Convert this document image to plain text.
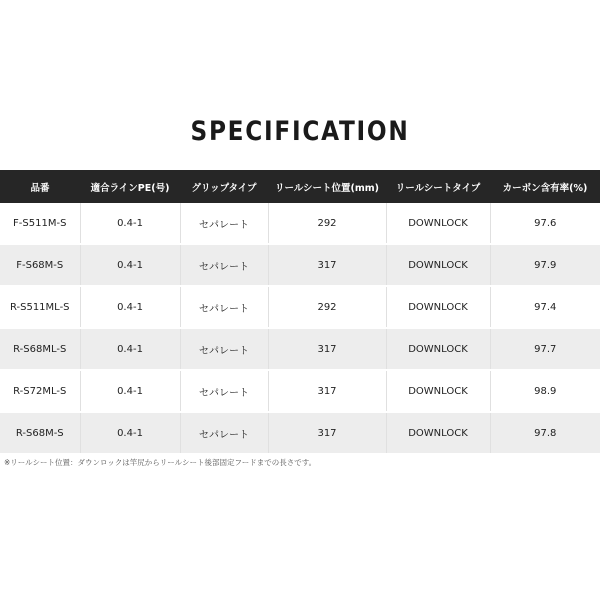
SPECIFICATION
品番	適合ラインPE(号)	グリップタイプ	リールシート位置(mm)	リールシートタイプ	カーボン含有率(%)
F-S511M-S	0.4-1	セパレート	292	DOWNLOCK	97.6
F-S68M-S	0.4-1	セパレート	317	DOWNLOCK	97.9
R-S511ML-S	0.4-1	セパレート	292	DOWNLOCK	97.4
R-S68ML-S	0.4-1	セパレート	317	DOWNLOCK	97.7
R-S72ML-S	0.4-1	セパレート	317	DOWNLOCK	98.9
R-S68M-S	0.4-1	セパレート	317	DOWNLOCK	97.8
※リールシート位置：ダウンロックは竿尻からリールシート後部固定フードまでの長さです。
